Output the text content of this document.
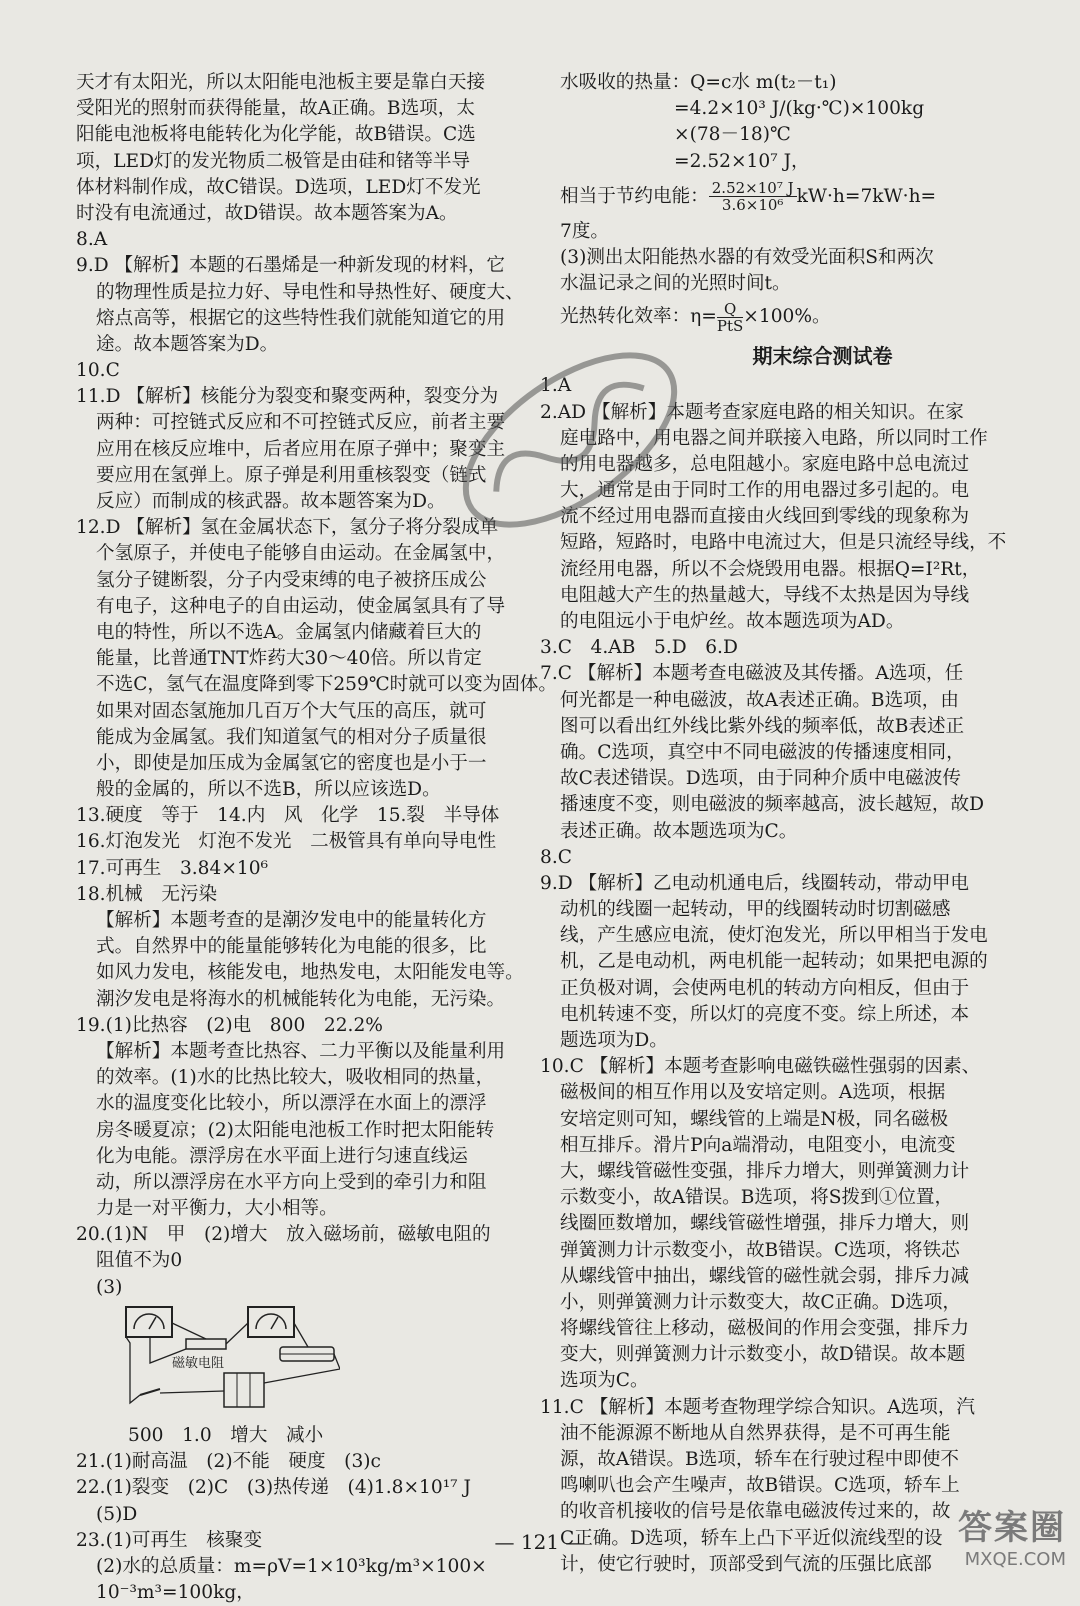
天才有太阳光，所以太阳能电池板主要是靠白天接
受阳光的照射而获得能量，故A正确。B选项，太
阳能电池板将电能转化为化学能，故B错误。C选
项，LED灯的发光物质二极管是由硅和锗等半导
体材料制作成，故C错误。D选项，LED灯不发光
时没有电流通过，故D错误。故本题答案为A。
8.A
9.D 【解析】本题的石墨烯是一种新发现的材料，它
的物理性质是拉力好、导电性和导热性好、硬度大、
熔点高等，根据它的这些特性我们就能知道它的用
途。故本题答案为D。
10.C
11.D 【解析】核能分为裂变和聚变两种，裂变分为
两种：可控链式反应和不可控链式反应，前者主要
应用在核反应堆中，后者应用在原子弹中；聚变主
要应用在氢弹上。原子弹是利用重核裂变（链式
反应）而制成的核武器。故本题答案为D。
12.D 【解析】氢在金属状态下，氢分子将分裂成单
个氢原子，并使电子能够自由运动。在金属氢中，
氢分子键断裂，分子内受束缚的电子被挤压成公
有电子，这种电子的自由运动，使金属氢具有了导
电的特性，所以不选A。金属氢内储藏着巨大的
能量，比普通TNT炸药大30～40倍。所以肯定
不选C，氢气在温度降到零下259℃时就可以变为固体。
如果对固态氢施加几百万个大气压的高压，就可
能成为金属氢。我们知道氢气的相对分子质量很
小，即使是加压成为金属氢它的密度也是小于一
般的金属的，所以不选B，所以应该选D。
13.硬度　等于　14.内　风　化学　15.裂　半导体
16.灯泡发光　灯泡不发光　二极管具有单向导电性
17.可再生　3.84×10⁶
18.机械　无污染
【解析】本题考查的是潮汐发电中的能量转化方
式。自然界中的能量能够转化为电能的很多，比
如风力发电，核能发电，地热发电，太阳能发电等。
潮汐发电是将海水的机械能转化为电能，无污染。
19.(1)比热容　(2)电　800　22.2%
【解析】本题考查比热容、二力平衡以及能量利用
的效率。(1)水的比热比较大，吸收相同的热量，
水的温度变化比较小，所以漂浮在水面上的漂浮
房冬暖夏凉；(2)太阳能电池板工作时把太阳能转
化为电能。漂浮房在水平面上进行匀速直线运
动，所以漂浮房在水平方向上受到的牵引力和阻
力是一对平衡力，大小相等。
20.(1)N　甲　(2)增大　放入磁场前，磁敏电阻的
阻值不为0
(3)
磁敏电阻
500　1.0　增大　减小
21.(1)耐高温　(2)不能　硬度　(3)c
22.(1)裂变　(2)C　(3)热传递　(4)1.8×10¹⁷ J
(5)D
23.(1)可再生　核聚变
(2)水的总质量：m=ρV=1×10³kg/m³×100×
10⁻³m³=100kg，
水吸收的热量：Q=c水 m(t₂－t₁)
=4.2×10³ J/(kg·℃)×100kg
×(78－18)℃
=2.52×10⁷ J，
相当于节约电能： $\frac{\text{2.52×10⁷ J}}{\text{3.6×10⁶}} kW\cdot h=7kW\cdot h=$
7度。
(3)测出太阳能热水器的有效受光面积S和两次
水温记录之间的光照时间t。
光热转化效率：$\eta= \frac{Q}{\text{PtS}} \times 100\%$。
期末综合测试卷
1.A
2.AD 【解析】本题考查家庭电路的相关知识。在家
庭电路中，用电器之间并联接入电路，所以同时工作
的用电器越多，总电阻越小。家庭电路中总电流过
大，通常是由于同时工作的用电器过多引起的。电
流不经过用电器而直接由火线回到零线的现象称为
短路，短路时，电路中电流过大，但是只流经导线，不
流经用电器，所以不会烧毁用电器。根据Q=I²Rt，
电阻越大产生的热量越大，导线不太热是因为导线
的电阻远小于电炉丝。故本题选项为AD。
3.C　4.AB　5.D　6.D
7.C 【解析】本题考查电磁波及其传播。A选项，任
何光都是一种电磁波，故A表述正确。B选项，由
图可以看出红外线比紫外线的频率低，故B表述正
确。C选项，真空中不同电磁波的传播速度相同，
故C表述错误。D选项，由于同种介质中电磁波传
播速度不变，则电磁波的频率越高，波长越短，故D
表述正确。故本题选项为C。
8.C
9.D 【解析】乙电动机通电后，线圈转动，带动甲电
动机的线圈一起转动，甲的线圈转动时切割磁感
线，产生感应电流，使灯泡发光，所以甲相当于发电
机，乙是电动机，两电机能一起转动；如果把电源的
正负极对调，会使两电机的转动方向相反，但由于
电机转速不变，所以灯的亮度不变。综上所述，本
题选项为D。
10.C 【解析】本题考查影响电磁铁磁性强弱的因素、
磁极间的相互作用以及安培定则。A选项，根据
安培定则可知，螺线管的上端是N极，同名磁极
相互排斥。滑片P向a端滑动，电阻变小，电流变
大，螺线管磁性变强，排斥力增大，则弹簧测力计
示数变小，故A错误。B选项，将S拨到①位置，
线圈匝数增加，螺线管磁性增强，排斥力增大，则
弹簧测力计示数变小，故B错误。C选项，将铁芯
从螺线管中抽出，螺线管的磁性就会弱，排斥力减
小，则弹簧测力计示数变大，故C正确。D选项，
将螺线管往上移动，磁极间的作用会变强，排斥力
变大，则弹簧测力计示数变小，故D错误。故本题
选项为C。
11.C 【解析】本题考查物理学综合知识。A选项，汽
油不能源源不断地从自然界获得，是不可再生能
源，故A错误。B选项，轿车在行驶过程中即使不
鸣喇叭也会产生噪声，故B错误。C选项，轿车上
的收音机接收的信号是依靠电磁波传过来的，故
C正确。D选项，轿车上凸下平近似流线型的设
计，使它行驶时，顶部受到气流的压强比底部
— 121 —	答案圈
MXQE.COM
